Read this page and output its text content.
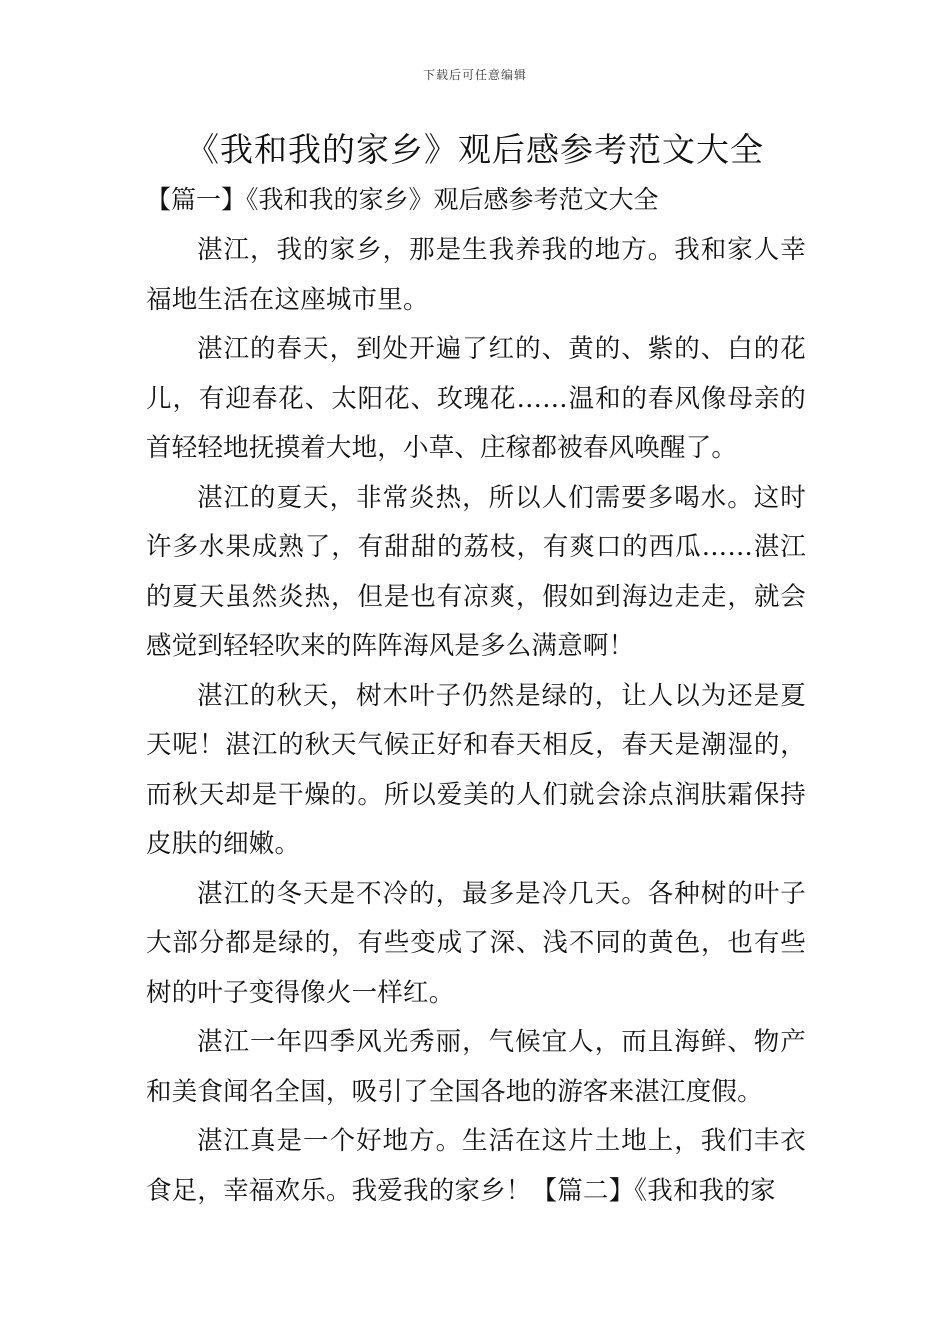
下载后可任意编辑
《我和我的家乡》观后感参考范文大全
【篇一】《我和我的家乡》观后感参考范文大全

湛江，我的家乡，那是生我养我的地方。我和家人幸福地生活在这座城市里。

湛江的春天，到处开遍了红的、黄的、紫的、白的花儿，有迎春花、太阳花、玫瑰花……温和的春风像母亲的首轻轻地抚摸着大地，小草、庄稼都被春风唤醒了。

湛江的夏天，非常炎热，所以人们需要多喝水。这时许多水果成熟了，有甜甜的荔枝，有爽口的西瓜……湛江的夏天虽然炎热，但是也有凉爽，假如到海边走走，就会感觉到轻轻吹来的阵阵海风是多么满意啊！

湛江的秋天，树木叶子仍然是绿的，让人以为还是夏天呢！湛江的秋天气候正好和春天相反，春天是潮湿的，而秋天却是干燥的。所以爱美的人们就会涂点润肤霜保持皮肤的细嫩。

湛江的冬天是不冷的，最多是冷几天。各种树的叶子大部分都是绿的，有些变成了深、浅不同的黄色，也有些树的叶子变得像火一样红。

湛江一年四季风光秀丽，气候宜人，而且海鲜、物产和美食闻名全国，吸引了全国各地的游客来湛江度假。

湛江真是一个好地方。生活在这片土地上，我们丰衣食足，幸福欢乐。我爱我的家乡！【篇二】《我和我的家
